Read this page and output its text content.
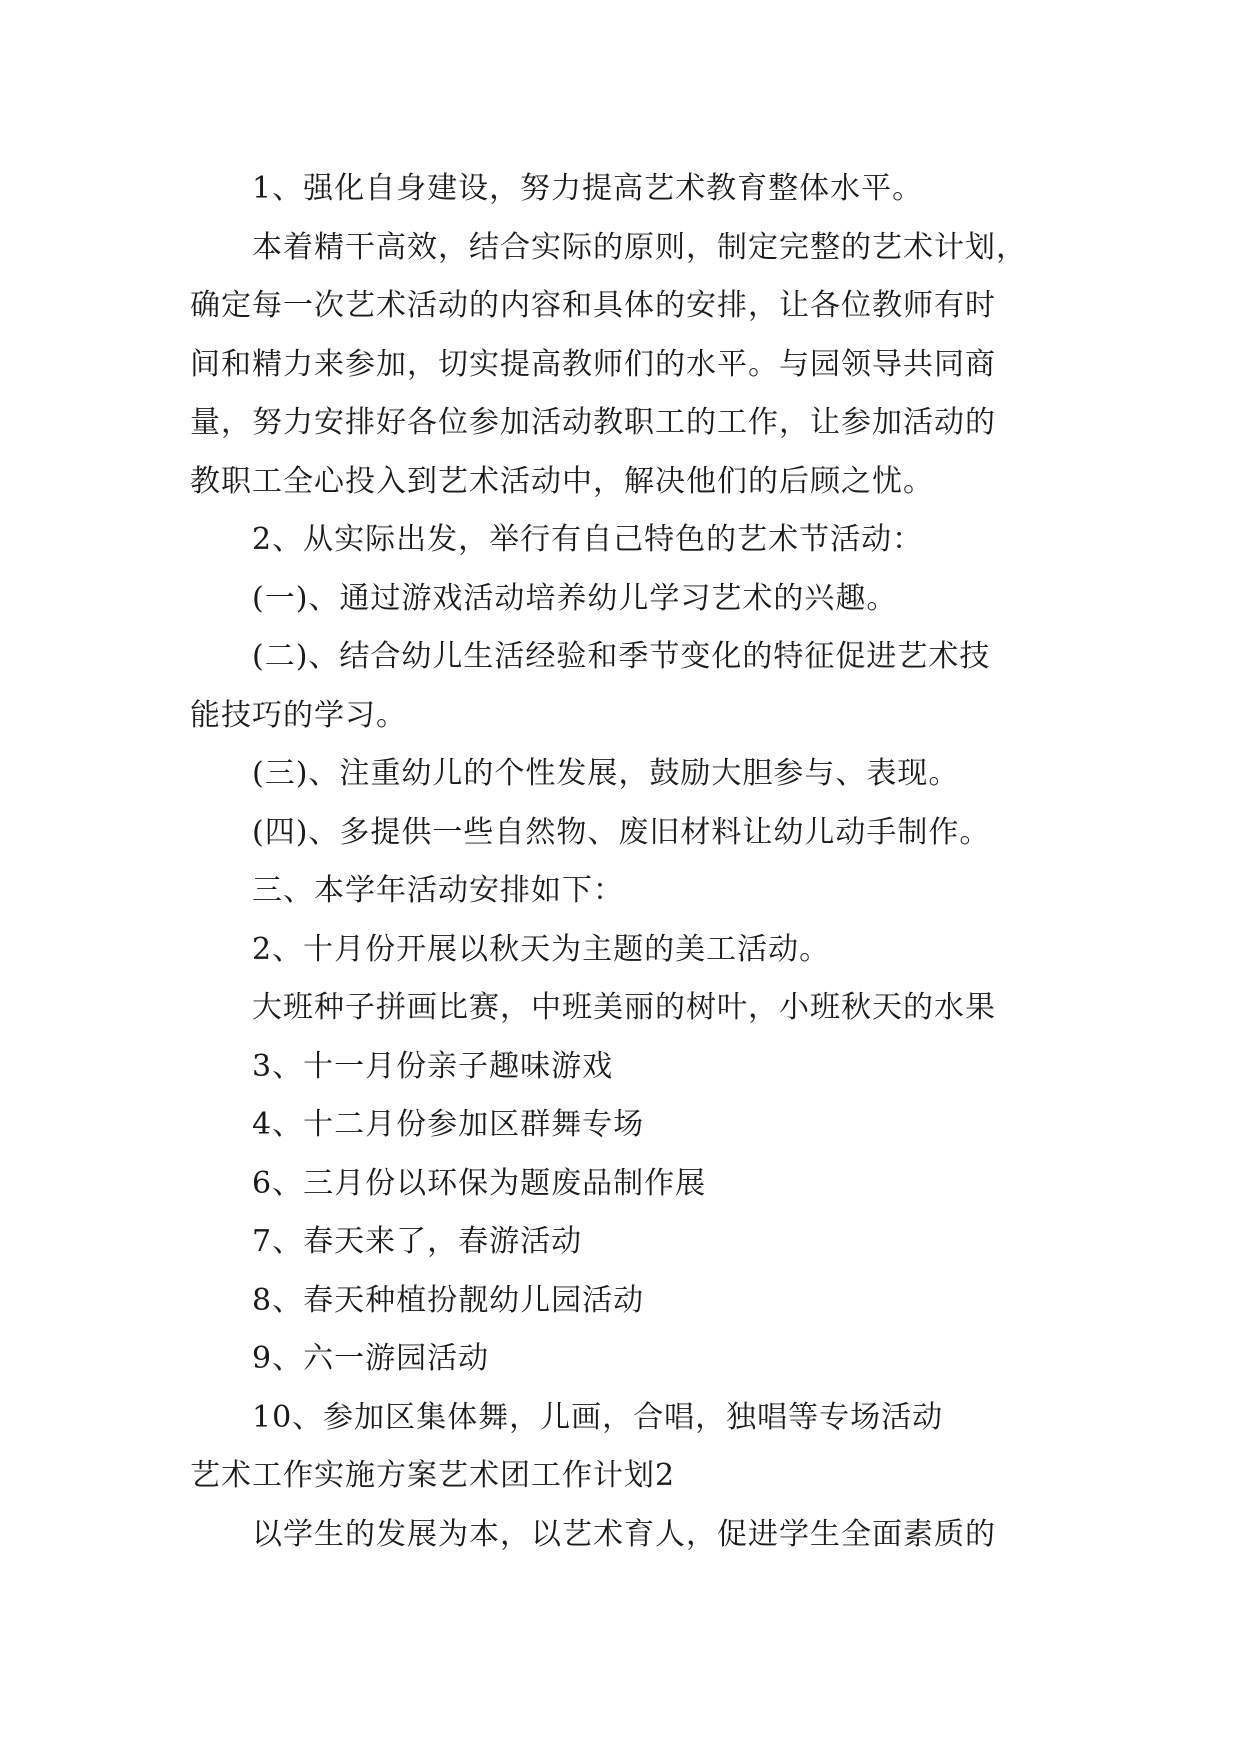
1、强化自身建设，努力提高艺术教育整体水平。
本着精干高效，结合实际的原则，制定完整的艺术计划，
确定每一次艺术活动的内容和具体的安排，让各位教师有时
间和精力来参加，切实提高教师们的水平。与园领导共同商
量，努力安排好各位参加活动教职工的工作，让参加活动的
教职工全心投入到艺术活动中，解决他们的后顾之忧。
2、从实际出发，举行有自己特色的艺术节活动：
(一)、通过游戏活动培养幼儿学习艺术的兴趣。
(二)、结合幼儿生活经验和季节变化的特征促进艺术技
能技巧的学习。
(三)、注重幼儿的个性发展，鼓励大胆参与、表现。
(四)、多提供一些自然物、废旧材料让幼儿动手制作。
三、本学年活动安排如下：
2、十月份开展以秋天为主题的美工活动。
大班种子拼画比赛，中班美丽的树叶，小班秋天的水果
3、十一月份亲子趣味游戏
4、十二月份参加区群舞专场
6、三月份以环保为题废品制作展
7、春天来了，春游活动
8、春天种植扮靓幼儿园活动
9、六一游园活动
10、参加区集体舞，儿画，合唱，独唱等专场活动
艺术工作实施方案艺术团工作计划2
以学生的发展为本，以艺术育人，促进学生全面素质的
